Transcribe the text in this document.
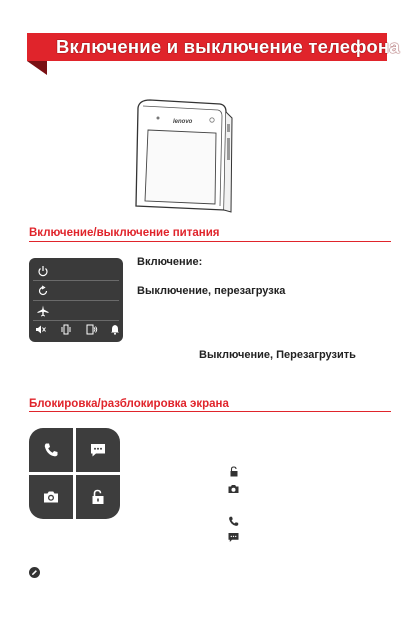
Включение и выключение телефона
lenovo
Включение/выключение питания
Включение:
Выключение, перезагрузка
Выключение, Перезагрузить
Блокировка/разблокировка экрана
